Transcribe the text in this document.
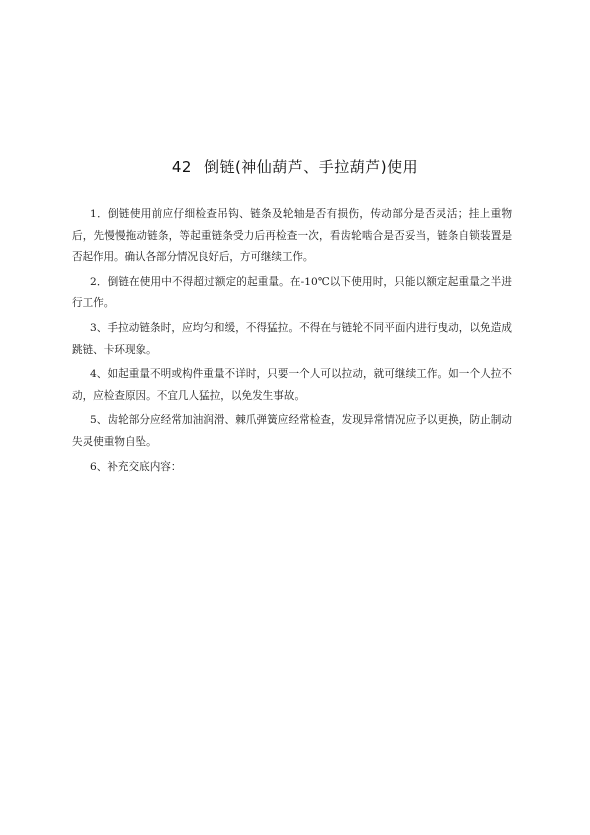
42 倒链(神仙葫芦、手拉葫芦)使用

1．倒链使用前应仔细检查吊钩、链条及轮轴是否有损伤，传动部分是否灵活；挂上重物后，先慢慢拖动链条，等起重链条受力后再检查一次，看齿轮啮合是否妥当，链条自锁装置是否起作用。确认各部分情况良好后，方可继续工作。

2．倒链在使用中不得超过额定的起重量。在-10℃以下使用时，只能以额定起重量之半进行工作。

3、手拉动链条时，应均匀和缓，不得猛拉。不得在与链轮不同平面内进行曳动，以免造成跳链、卡环现象。

4、如起重量不明或构件重量不详时，只要一个人可以拉动，就可继续工作。如一个人拉不动，应检查原因。不宜几人猛拉，以免发生事故。

5、齿轮部分应经常加油润滑、棘爪弹簧应经常检查，发现异常情况应予以更换，防止制动失灵使重物自坠。

6、补充交底内容：
